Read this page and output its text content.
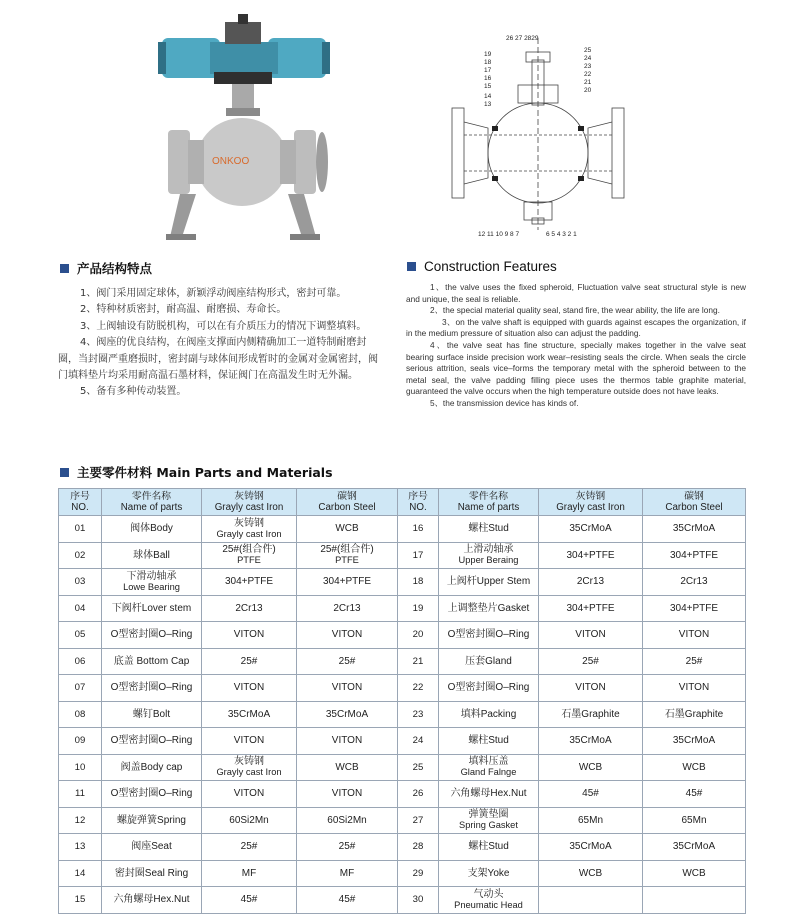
ONKOO
26 27 2829
19
18
17
16
15
14
13
25
24
23
22
21
20
12 11 10 9 8 7	6 5 4 3 2 1
产品结构特点

1、阀门采用固定球体，新颖浮动阀座结构形式，密封可靠。

2、特种材质密封，耐高温、耐磨损、寿命长。

3、上阀轴设有防脱机构，可以在有介质压力的情况下调整填料。

4、阀座的优良结构，在阀座支撑面内侧精确加工一道特制耐磨封圈，当封圈严重磨损时，密封副与球体间形成暂时的金属对金属密封，阀门填料垫片均采用耐高温石墨材料，保证阀门在高温发生时无外漏。

5、备有多种传动装置。

Construction Features

1、the valve uses the fixed spheroid, Fluctuation valve seat structural style is new and unique, the seal is reliable.

2、the special material quality seal, stand fire, the wear ability, the life are long.

3、on the valve shaft is equipped with guards against escapes the organization, if in the medium pressure of situation also can adjust the padding.

4、the valve seat has fine structure, specially makes together in the valve seat bearing surface inside precision work wear–resisting seals the circle. When seals the circle serious attrition, seals vice–forms the temporary metal with the spheroid between to the metal seal, the valve padding filling piece uses the thermos table graphite material, guaranteed the valve occurs when the high temperature outside does not have leaks.

5、the transmission device has kinds of.

主要零件材料 Main Parts and Materials
序号
NO.	零件名称
Name of parts	灰铸钢
Grayly cast Iron	碳钢
Carbon Steel	序号
NO.	零件名称
Name of parts	灰铸钢
Grayly cast Iron	碳钢
Carbon Steel

01	阀体Body	灰铸钢
Grayly cast Iron	WCB	16	螺柱Stud	35CrMoA	35CrMoA

02	球体Ball	25#(组合件)
PTFE	25#(组合件)
PTFE	17	上滑动轴承
Upper Beraing	304+PTFE	304+PTFE

03	下滑动轴承
Lowe Bearing	304+PTFE	304+PTFE	18	上阀杆Upper Stem	2Cr13	2Cr13

04	下阀杆Lover stem	2Cr13	2Cr13	19	上调整垫片Gasket	304+PTFE	304+PTFE

05	O型密封圈O–Ring	VITON	VITON	20	O型密封圈O–Ring	VITON	VITON

06	底盖 Bottom Cap	25#	25#	21	压套Gland	25#	25#

07	O型密封圈O–Ring	VITON	VITON	22	O型密封圈O–Ring	VITON	VITON

08	螺钉Bolt	35CrMoA	35CrMoA	23	填料Packing	石墨Graphite	石墨Graphite

09	O型密封圈O–Ring	VITON	VITON	24	螺柱Stud	35CrMoA	35CrMoA

10	阀盖Body cap	灰铸钢
Grayly cast Iron	WCB	25	填料压盖
Gland Falnge	WCB	WCB

11	O型密封圈O–Ring	VITON	VITON	26	六角螺母Hex.Nut	45#	45#

12	螺旋弹簧Spring	60Si2Mn	60Si2Mn	27	弹簧垫圈
Spring Gasket	65Mn	65Mn

13	阀座Seat	25#	25#	28	螺柱Stud	35CrMoA	35CrMoA

14	密封圈Seal Ring	MF	MF	29	支架Yoke	WCB	WCB

15	六角螺母Hex.Nut	45#	45#	30	气动头
Pneumatic Head		
